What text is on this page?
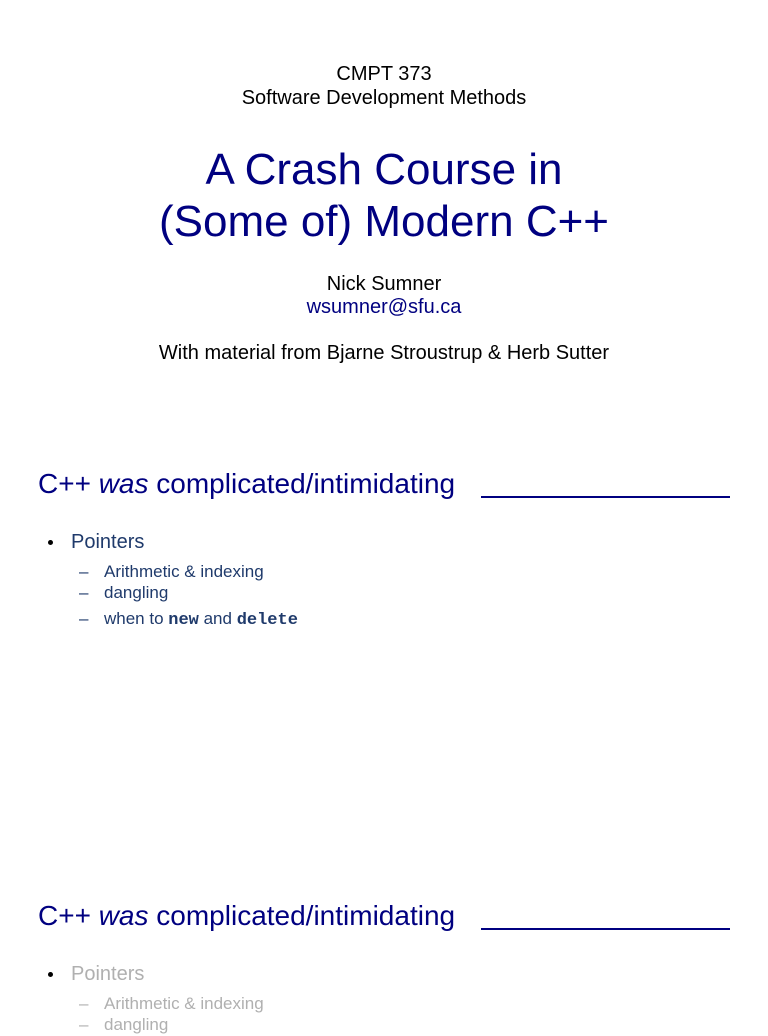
CMPT 373
Software Development Methods
A Crash Course in
(Some of) Modern C++
Nick Sumner
wsumner@sfu.ca
With material from Bjarne Stroustrup & Herb Sutter
C++ was complicated/intimidating
Pointers
– Arithmetic & indexing
– dangling
– when to new and delete
C++ was complicated/intimidating
Pointers
– Arithmetic & indexing
– dangling
